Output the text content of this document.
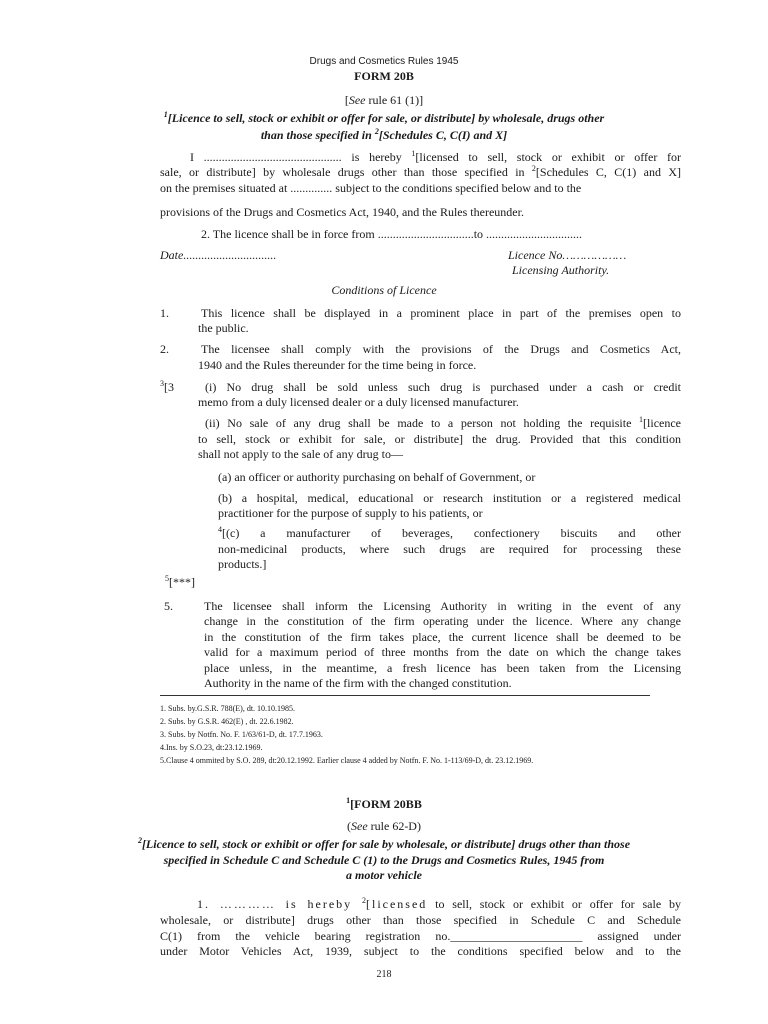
Drugs and Cosmetics Rules 1945
FORM 20B
[See rule 61 (1)]
$^1$[Licence to sell, stock or exhibit or offer for sale, or distribute] by wholesale, drugs other
than those specified in $^2$[Schedules C, C(I) and X]
I .............................................. is hereby $^1$[licensed to sell, stock or exhibit or offer for
sale, or distribute] by wholesale drugs other than those specified in $^2$[Schedules C, C(1) and X]
on the premises situated at .............. subject to the conditions specified below and to the
provisions of the Drugs and Cosmetics Act, 1940, and the Rules thereunder.
2. The licence shall be in force from ................................to ................................
Date...............................	Licence No………………
Licensing Authority.
Conditions of Licence
1.	This licence shall be displayed in a prominent place in part of the premises open to
the public.
2.	The licensee shall comply with the provisions of the Drugs and Cosmetics Act,
1940 and the Rules thereunder for the time being in force.
$^3$[3	(i) No drug shall be sold unless such drug is purchased under a cash or credit
memo from a duly licensed dealer or a duly licensed manufacturer.
(ii) No sale of any drug shall be made to a person not holding the requisite $^1$[licence
to sell, stock or exhibit for sale, or distribute] the drug. Provided that this condition
shall not apply to the sale of any drug to—
(a) an officer or authority purchasing on behalf of Government, or
(b) a hospital, medical, educational or research institution or a registered medical
practitioner for the purpose of supply to his patients, or
$^4$[(c) a manufacturer of beverages, confectionery biscuits and other
non-medicinal products, where such drugs are required for processing these
products.]
$^5$[***]
5.	The licensee shall inform the Licensing Authority in writing in the event of any
change in the constitution of the firm operating under the licence. Where any change
in the constitution of the firm takes place, the current licence shall be deemed to be
valid for a maximum period of three months from the date on which the change takes
place unless, in the meantime, a fresh licence has been taken from the Licensing
Authority in the name of the firm with the changed constitution.
1. Subs. by.G.S.R. 788(E), dt. 10.10.1985.
2. Subs. by G.S.R. 462(E) , dt. 22.6.1982.
3. Subs. by Notfn. No. F. 1/63/61-D, dt. 17.7.1963.
4.Ins. by S.O.23, dt:23.12.1969.
5.Clause 4 ommited by S.O. 289, dt:20.12.1992. Earlier clause 4 added by Notfn. F. No. 1-113/69-D, dt. 23.12.1969.
$^1$[FORM 20BB
(See rule 62-D)
$^2$[Licence to sell, stock or exhibit or offer for sale by wholesale, or distribute] drugs other than those
specified in Schedule C and Schedule C (1) to the Drugs and Cosmetics Rules, 1945 from
a motor vehicle
1. ………… is hereby $^2$[licensed to sell, stock or exhibit or offer for sale by
wholesale, or distribute] drugs other than those specified in Schedule C and Schedule
C(1) from the vehicle bearing registration no.______________________ assigned under
under Motor Vehicles Act, 1939, subject to the conditions specified below and to the
218
